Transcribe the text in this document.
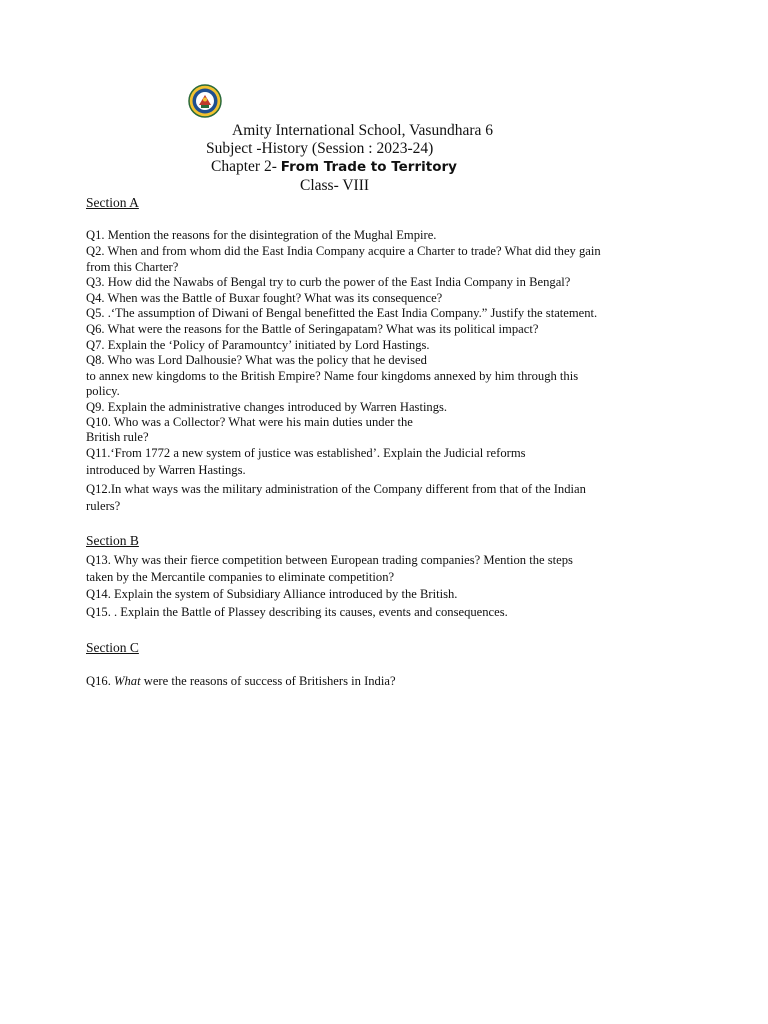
Amity International School, Vasundhara 6
Subject -History (Session : 2023-24)
Chapter 2- From Trade to Territory
Class- VIII
Section A
Q1. Mention the reasons for the disintegration of the Mughal Empire.
Q2. When and from whom did the East India Company acquire a Charter to trade? What did they gain
from this Charter?
Q3. How did the Nawabs of Bengal try to curb the power of the East India Company in Bengal?
Q4. When was the Battle of Buxar fought? What was its consequence?
Q5. .‘The assumption of Diwani of Bengal benefitted the East India Company.” Justify the statement.
Q6. What were the reasons for the Battle of Seringapatam? What was its political impact?
Q7. Explain the ‘Policy of Paramountcy’ initiated by Lord Hastings.
Q8. Who was Lord Dalhousie? What was the policy that he devised
to annex new kingdoms to the British Empire? Name four kingdoms annexed by him through this
policy.
Q9. Explain the administrative changes introduced by Warren Hastings.
Q10. Who was a Collector? What were his main duties under the
British rule?
Q11.‘From 1772 a new system of justice was established’. Explain the Judicial reforms
introduced by Warren Hastings.
Q12.In what ways was the military administration of the Company different from that of the Indian
rulers?
Section B
Q13. Why was their fierce competition between European trading companies? Mention the steps
taken by the Mercantile companies to eliminate competition?
Q14. Explain the system of Subsidiary Alliance introduced by the British.
Q15. . Explain the Battle of Plassey describing its causes, events and consequences.
Section C
Q16. What were the reasons of success of Britishers in India?
